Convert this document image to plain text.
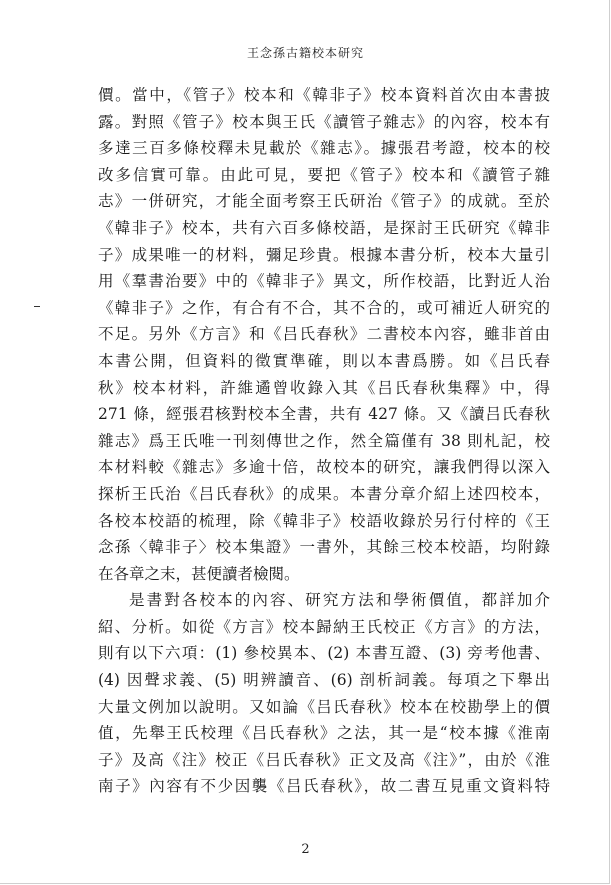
王念孫古籍校本研究
價。當中，《管子》校本和《韓非子》校本資料首次由本書披
露。對照《管子》校本與王氏《讀管子雜志》的內容，校本有
多達三百多條校釋未見載於《雜志》。據張君考證，校本的校
改多信實可靠。由此可見，要把《管子》校本和《讀管子雜
志》一併研究，才能全面考察王氏研治《管子》的成就。至於
《韓非子》校本，共有六百多條校語，是探討王氏研究《韓非
子》成果唯一的材料，彌足珍貴。根據本書分析，校本大量引
用《羣書治要》中的《韓非子》異文，所作校語，比對近人治
《韓非子》之作，有合有不合，其不合的，或可補近人研究的
不足。另外《方言》和《吕氏春秋》二書校本內容，雖非首由
本書公開，但資料的徵實準確，則以本書爲勝。如《吕氏春
秋》校本材料，許維遹曾收錄入其《吕氏春秋集釋》中，得
271 條，經張君核對校本全書，共有 427 條。又《讀吕氏春秋
雜志》爲王氏唯一刊刻傳世之作，然全篇僅有 38 則札記，校
本材料較《雜志》多逾十倍，故校本的研究，讓我們得以深入
探析王氏治《吕氏春秋》的成果。本書分章介紹上述四校本，
各校本校語的梳理，除《韓非子》校語收錄於另行付梓的《王
念孫〈韓非子〉校本集證》一書外，其餘三校本校語，均附錄
在各章之末，甚便讀者檢閱。
是書對各校本的內容、研究方法和學術價值，都詳加介
紹、分析。如從《方言》校本歸納王氏校正《方言》的方法，
則有以下六項：(1) 參校異本、(2) 本書互證、(3) 旁考他書、
(4) 因聲求義、(5) 明辨讀音、(6) 剖析詞義。每項之下舉出
大量文例加以說明。又如論《吕氏春秋》校本在校勘學上的價
值，先舉王氏校理《吕氏春秋》之法，其一是“校本據《淮南
子》及高《注》校正《吕氏春秋》正文及高《注》”，由於《淮
南子》內容有不少因襲《吕氏春秋》，故二書互見重文資料特
2
